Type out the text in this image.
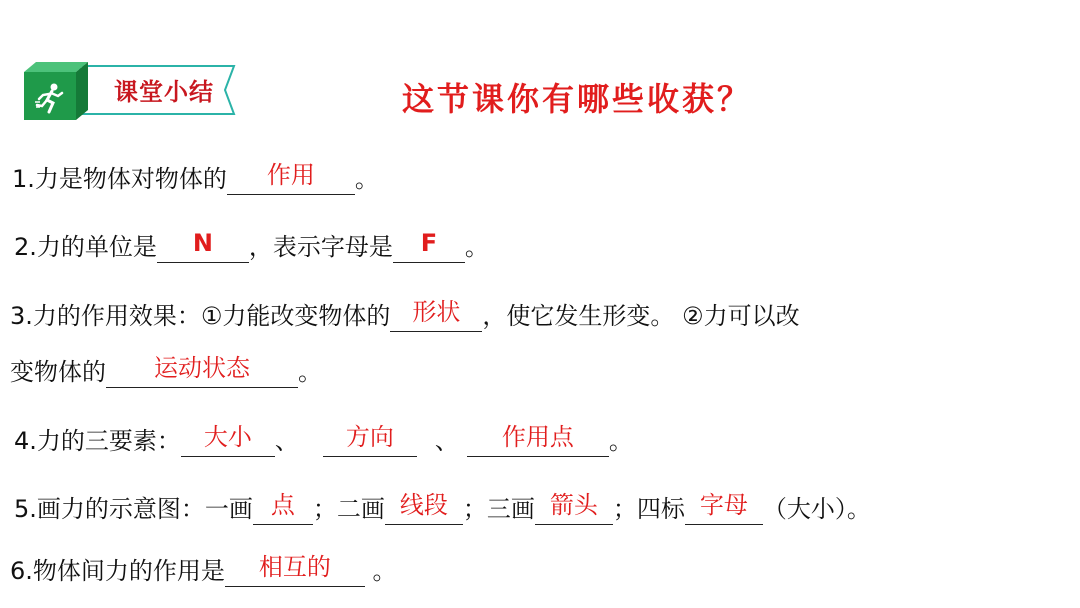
课堂小结	这节课你有哪些收获？
1.力是物体对物体的	作用	。
2.力的单位是	N	，表示字母是	F	。
3.力的作用效果：①力能改变物体的 形状 ，使它发生形变。 ②力可以改
变物体的	运动状态	。
4.力的三要素： 大小 、	方向	、	作用点	。
5.画力的示意图：一画 点 ；二画 线段 ；三画 箭头 ；四标 字母 （大小）。
6.物体间力的作用是	相互的	。
